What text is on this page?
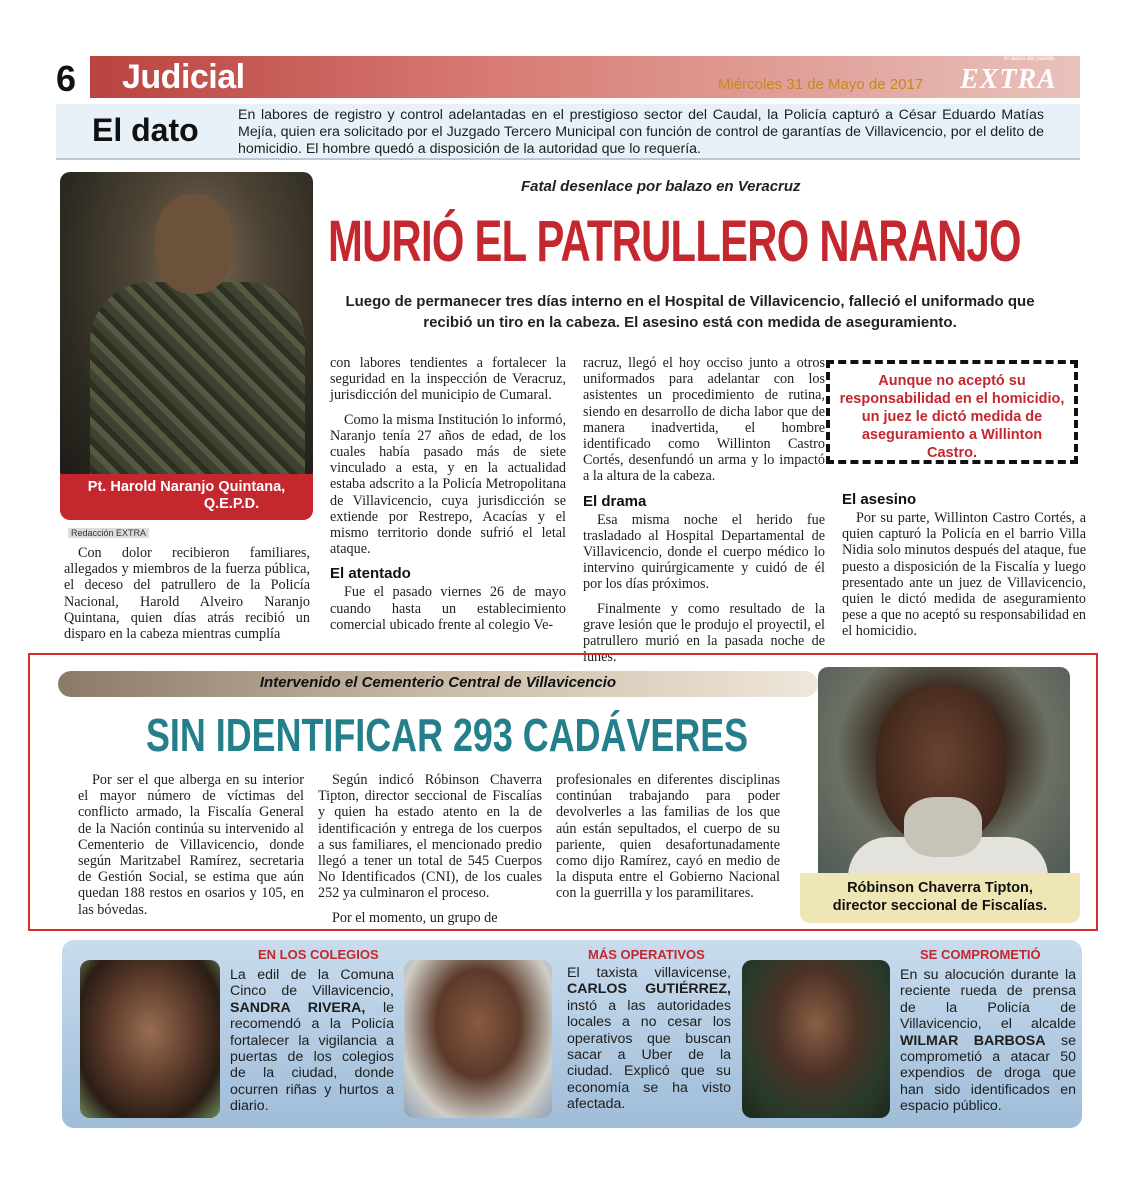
6 Judicial	Miércoles 31 de Mayo de 2017
el diario del pueblo
EXTRA
El dato	En labores de registro y control adelantadas en el prestigioso sector del Caudal, la Policía capturó a César Eduardo Matías Mejía, quien era solicitado por el Juzgado Tercero Municipal con función de control de garantías de Villavicencio, por el delito de homicidio. El hombre quedó a disposición de la autoridad que lo requería.
Pt. Harold Naranjo Quintana,
Q.E.P.D.
Redacción EXTRA
Fatal desenlace por balazo en Veracruz
MURIÓ EL PATRULLERO NARANJO
Luego de permanecer tres días interno en el Hospital de Villavicencio, falleció el uniformado que recibió un tiro en la cabeza. El asesino está con medida de aseguramiento.

Con dolor recibieron familiares, allegados y miembros de la fuerza pública, el deceso del patrullero de la Policía Nacional, Harold Alveiro Naranjo Quintana, quien días atrás recibió un disparo en la cabeza mientras cumplía

con labores tendientes a fortalecer la seguridad en la inspección de Veracruz, jurisdicción del municipio de Cumaral.

Como la misma Institución lo informó, Naranjo tenía 27 años de edad, de los cuales había pasado más de siete vinculado a esta, y en la actualidad estaba adscrito a la Policía Metropolitana de Villavicencio, cuya jurisdicción se extiende por Restrepo, Acacías y el mismo territorio donde sufrió el letal ataque.

El atentado

Fue el pasado viernes 26 de mayo cuando hasta un establecimiento comercial ubicado frente al colegio Ve-

racruz, llegó el hoy occiso junto a otros uniformados para adelantar con los asistentes un procedimiento de rutina, siendo en desarrollo de dicha labor que de manera inadvertida, el hombre identificado como Willinton Castro Cortés, desenfundó un arma y lo impactó a la altura de la cabeza.

El drama

Esa misma noche el herido fue trasladado al Hospital Departamental de Villavicencio, donde el cuerpo médico lo intervino quirúrgicamente y cuidó de él por los días próximos.

Finalmente y como resultado de la grave lesión que le produjo el proyectil, el patrullero murió en la pasada noche de lunes.

Aunque no aceptó su responsabilidad en el homicidio, un juez le dictó medida de aseguramiento a Willinton Castro.
El asesino

Por su parte, Willinton Castro Cortés, a quien capturó la Policía en el barrio Villa Nidia solo minutos después del ataque, fue puesto a disposición de la Fiscalía y luego presentado ante un juez de Villavicencio, quien le dictó medida de aseguramiento pese a que no aceptó su responsabilidad en el homicidio.

Intervenido el Cementerio Central de Villavicencio
SIN IDENTIFICAR 293 CADÁVERES

Por ser el que alberga en su interior el mayor número de víctimas del conflicto armado, la Fiscalía General de la Nación continúa su intervenido al Cementerio de Villavicencio, donde según Maritzabel Ramírez, secretaria de Gestión Social, se estima que aún quedan 188 restos en osarios y 105, en las bóvedas.

Según indicó Róbinson Chaverra Tipton, director seccional de Fiscalías y quien ha estado atento en la de identificación y entrega de los cuerpos a sus familiares, el mencionado predio llegó a tener un total de 545 Cuerpos No Identificados (CNI), de los cuales 252 ya culminaron el proceso.

Por el momento, un grupo de

profesionales en diferentes disciplinas continúan trabajando para poder devolverles a las familias de los que aún están sepultados, el cuerpo de su pariente, quien desafortunadamente como dijo Ramírez, cayó en medio de la disputa entre el Gobierno Nacional con la guerrilla y los paramilitares.	Róbinson Chaverra Tipton,
director seccional de Fiscalías.
EN LOS COLEGIOS
La edil de la Comuna Cinco de Villavicencio, SANDRA RIVERA, le recomendó a la Policía fortalecer la vigilancia a puertas de los colegios de la ciudad, donde ocurren riñas y hurtos a diario.
MÁS OPERATIVOS
El taxista villavicense, CARLOS GUTIÉRREZ, instó a las autoridades locales a no cesar los operativos que buscan sacar a Uber de la ciudad. Explicó que su economía se ha visto afectada.
SE COMPROMETIÓ
En su alocución durante la reciente rueda de prensa de la Policía de Villavicencio, el alcalde WILMAR BARBOSA se comprometió a atacar 50 expendios de droga que han sido identificados en espacio público.
